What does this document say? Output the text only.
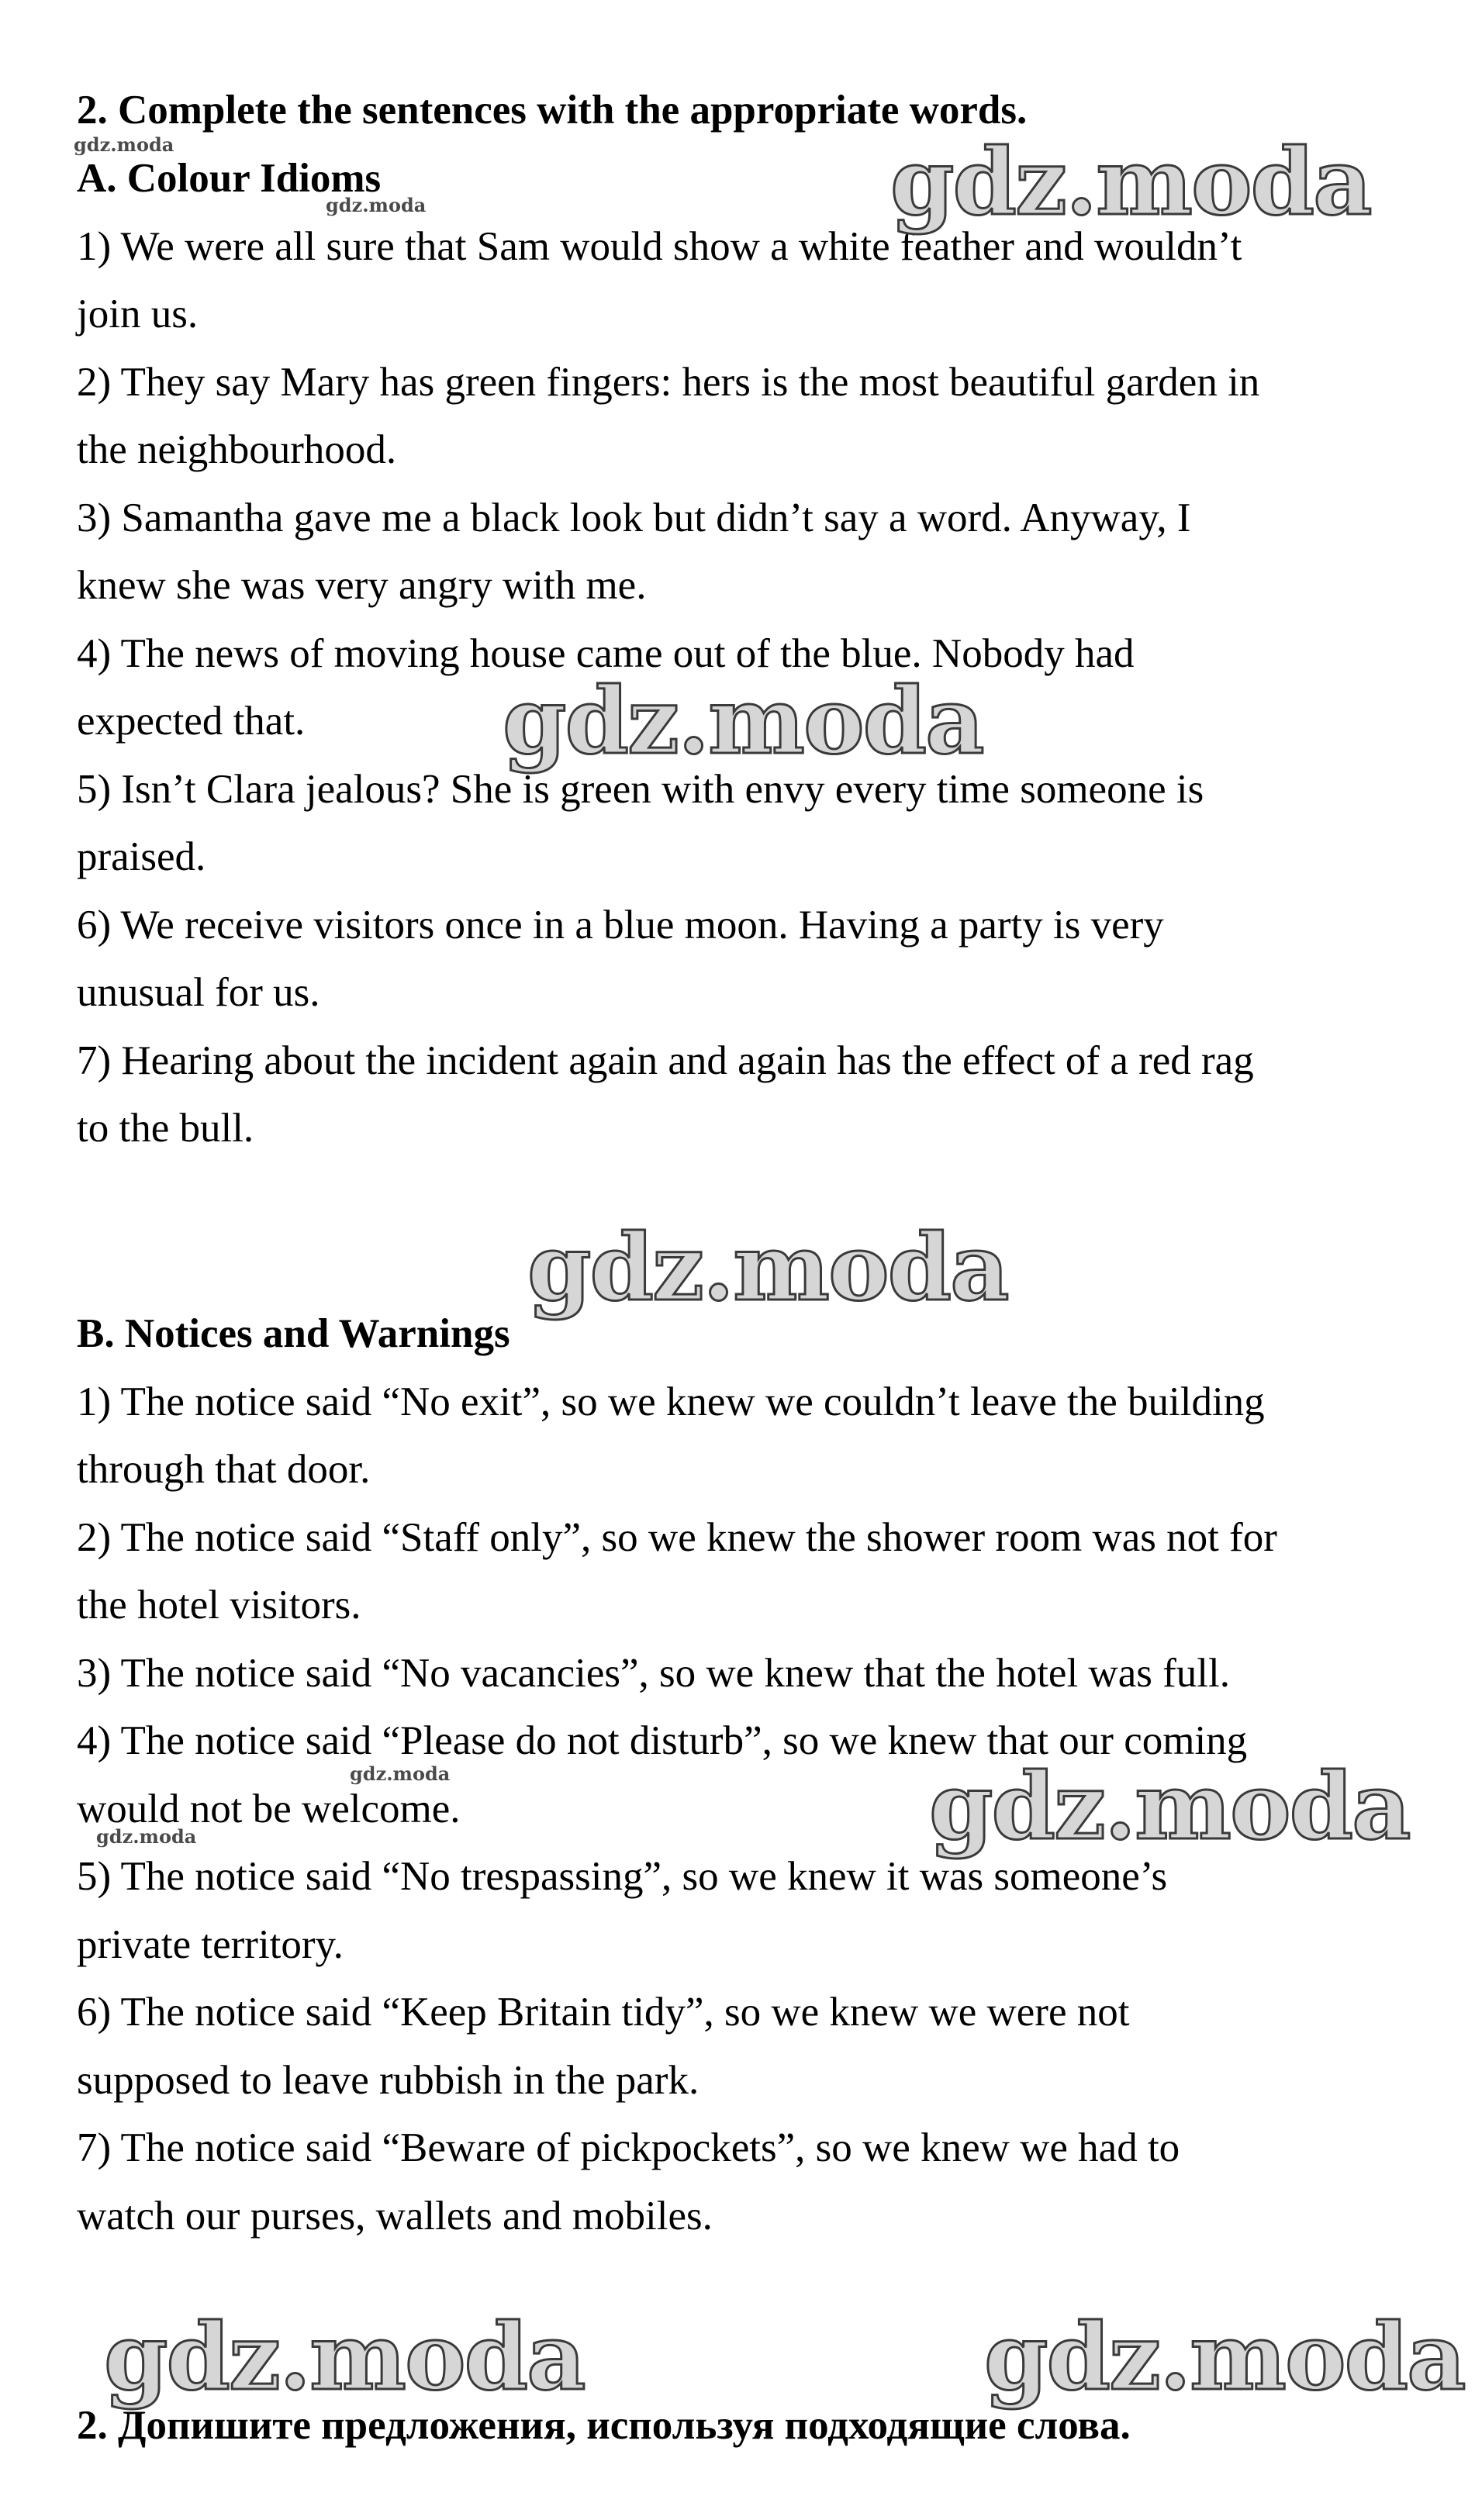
2. Complete the sentences with the appropriate words.
A. Colour Idioms
1) We were all sure that Sam would show a white feather and wouldn’t
join us.
2) They say Mary has green fingers: hers is the most beautiful garden in
the neighbourhood.
3) Samantha gave me a black look but didn’t say a word. Anyway, I
knew she was very angry with me.
4) The news of moving house came out of the blue. Nobody had
expected that.
5) Isn’t Clara jealous? She is green with envy every time someone is
praised.
6) We receive visitors once in a blue moon. Having a party is very
unusual for us.
7) Hearing about the incident again and again has the effect of a red rag
to the bull.
B. Notices and Warnings
1) The notice said “No exit”, so we knew we couldn’t leave the building
through that door.
2) The notice said “Staff only”, so we knew the shower room was not for
the hotel visitors.
3) The notice said “No vacancies”, so we knew that the hotel was full.
4) The notice said “Please do not disturb”, so we knew that our coming
would not be welcome.
5) The notice said “No trespassing”, so we knew it was someone’s
private territory.
6) The notice said “Keep Britain tidy”, so we knew we were not
supposed to leave rubbish in the park.
7) The notice said “Beware of pickpockets”, so we knew we had to
watch our purses, wallets and mobiles.
2. Допишите предложения, используя подходящие слова.
gdz.moda
gdz.moda
gdz.moda
gdz.moda
gdz.moda	gdz.moda
gdz.moda
gdz.moda
gdz.moda
gdz.moda
